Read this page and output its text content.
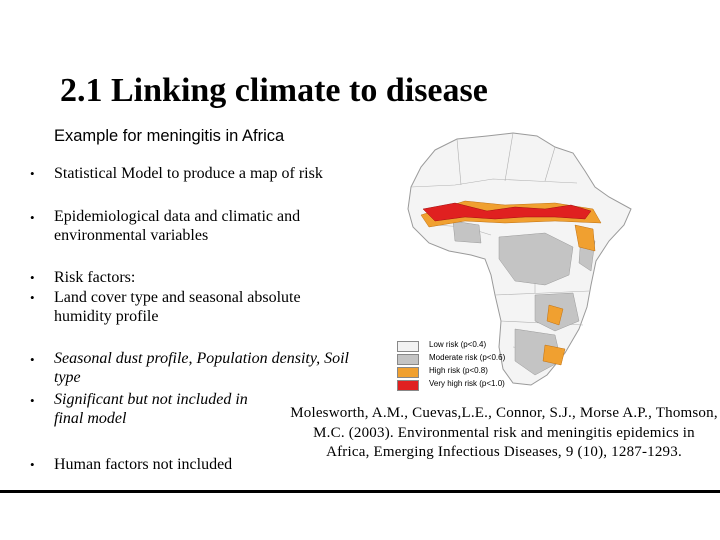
2.1 Linking climate to disease
Example for meningitis in Africa
• Statistical Model to produce a map of risk
• Epidemiological data and climatic and environmental variables
• Risk factors:
• Land cover type and seasonal absolute humidity profile
• Seasonal dust profile, Population density, Soil type
• Significant but not included in final model
• Human factors not included
Low risk (p<0.4)
Moderate risk (p<0.6)
High risk (p<0.8)
Very high risk (p<1.0)
Molesworth, A.M., Cuevas,L.E., Connor, S.J., Morse A.P., Thomson, M.C. (2003). Environmental risk and meningitis epidemics in Africa, Emerging Infectious Diseases, 9 (10), 1287-1293.
